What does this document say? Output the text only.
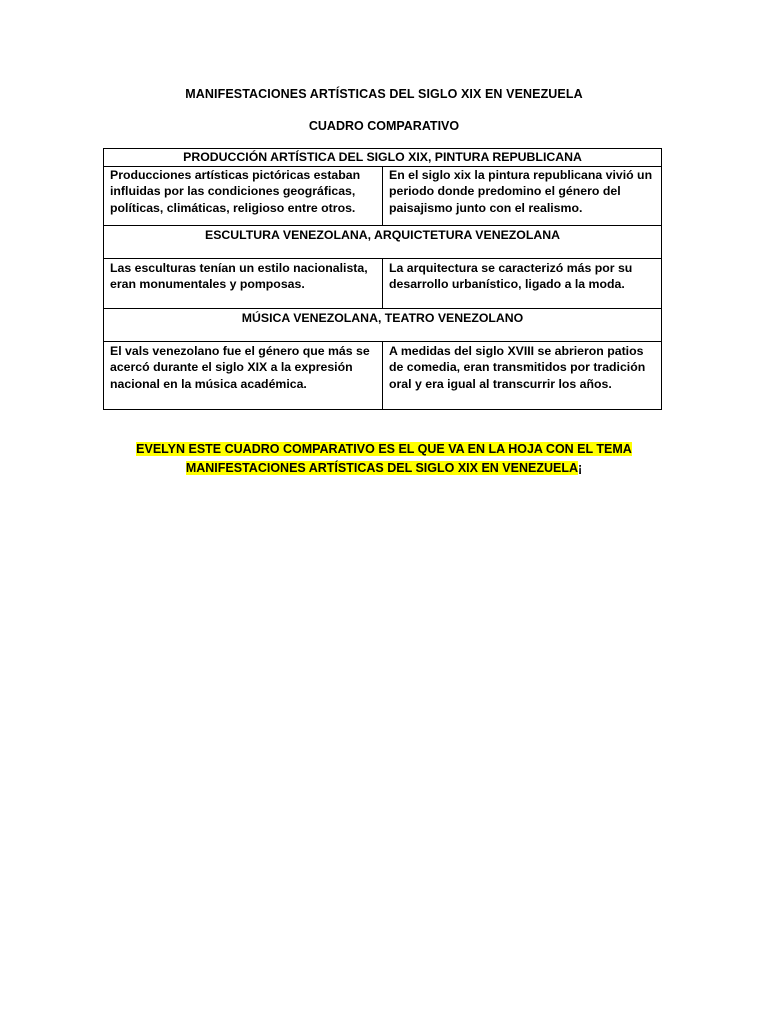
MANIFESTACIONES ARTÍSTICAS DEL SIGLO XIX EN VENEZUELA
CUADRO COMPARATIVO
PRODUCCIÓN ARTÍSTICA DEL SIGLO XIX, PINTURA REPUBLICANA	

Producciones artísticas pictóricas estaban influidas por las condiciones geográficas, políticas, climáticas, religioso entre otros.	En el siglo xix la pintura republicana vivió un periodo donde predomino el género del paisajismo junto con el realismo.

ESCULTURA VENEZOLANA, ARQUICTETURA VENEZOLANA	

Las esculturas tenían un estilo nacionalista, eran monumentales y pomposas.	La arquitectura se caracterizó más por su desarrollo urbanístico, ligado a la moda.

MÚSICA VENEZOLANA, TEATRO VENEZOLANO	

El vals venezolano fue el género que más se acercó durante el siglo XIX a la expresión nacional en la música académica.	A medidas del siglo XVIII se abrieron patios de comedia, eran transmitidos por tradición oral y era igual al transcurrir los años.
EVELYN ESTE CUADRO COMPARATIVO ES EL QUE VA EN LA HOJA CON EL TEMA
MANIFESTACIONES ARTÍSTICAS DEL SIGLO XIX EN VENEZUELA¡
